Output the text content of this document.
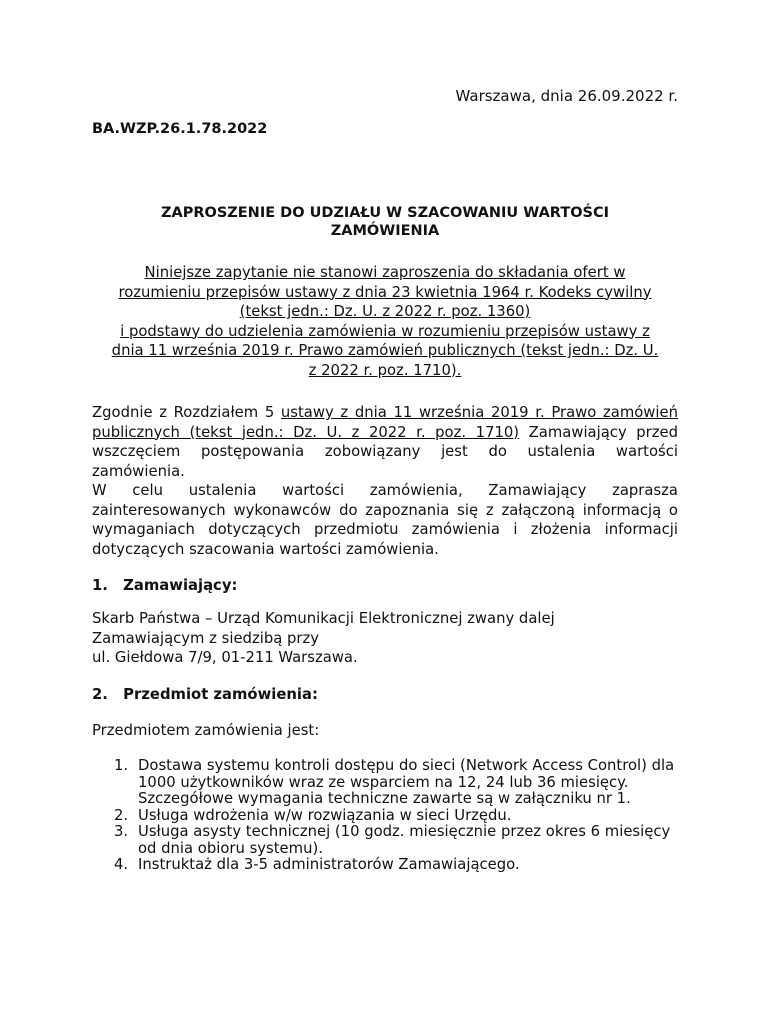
Warszawa, dnia 26.09.2022 r.
BA.WZP.26.1.78.2022
ZAPROSZENIE DO UDZIAŁU W SZACOWANIU WARTOŚCI
ZAMÓWIENIA
Niniejsze zapytanie nie stanowi zaproszenia do składania ofert w
rozumieniu przepisów ustawy z dnia 23 kwietnia 1964 r. Kodeks cywilny
(tekst jedn.: Dz. U. z 2022 r. poz. 1360)
i podstawy do udzielenia zamówienia w rozumieniu przepisów ustawy z
dnia 11 września 2019 r. Prawo zamówień publicznych (tekst jedn.: Dz. U.
z 2022 r. poz. 1710).

Zgodnie z Rozdziałem 5 ustawy z dnia 11 września 2019 r. Prawo zamówień publicznych (tekst jedn.: Dz. U. z 2022 r. poz. 1710) Zamawiający przed wszczęciem postępowania zobowiązany jest do ustalenia wartości zamówienia.

W celu ustalenia wartości zamówienia, Zamawiający zaprasza zainteresowanych wykonawców do zapoznania się z załączoną informacją o wymaganiach dotyczących przedmiotu zamówienia i złożenia informacji dotyczących szacowania wartości zamówienia.

1. Zamawiający:
Skarb Państwa – Urząd Komunikacji Elektronicznej zwany dalej
Zamawiającym z siedzibą przy
ul. Giełdowa 7/9, 01-211 Warszawa.
2. Przedmiot zamówienia:
Przedmiotem zamówienia jest:
1. Dostawa systemu kontroli dostępu do sieci (Network Access Control) dla 1000 użytkowników wraz ze wsparciem na 12, 24 lub 36 miesięcy. Szczegółowe wymagania techniczne zawarte są w załączniku nr 1.
2. Usługa wdrożenia w/w rozwiązania w sieci Urzędu.
3. Usługa asysty technicznej (10 godz. miesięcznie przez okres 6 miesięcy od dnia obioru systemu).
4. Instruktaż dla 3-5 administratorów Zamawiającego.
